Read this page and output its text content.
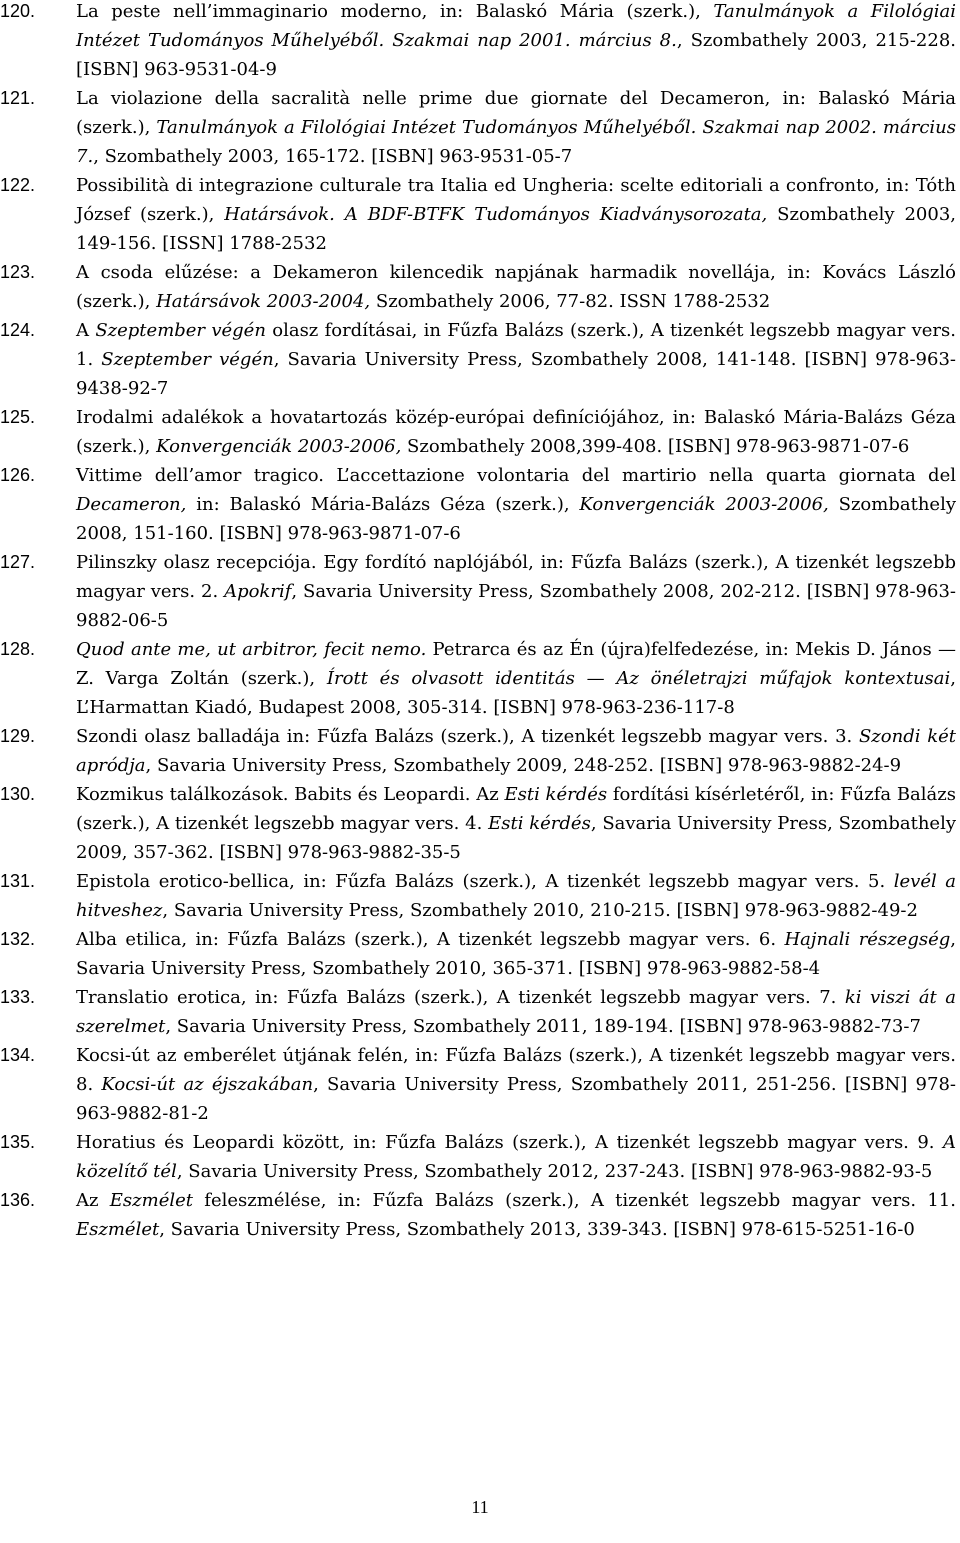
120.	La peste nell’immaginario moderno, in: Balaskó Mária (szerk.), Tanulmányok a Filológiai Intézet Tudományos Műhelyéből. Szakmai nap 2001. március 8., Szombathely 2003, 215-228. [ISBN] 963-9531-04-9
121.	La violazione della sacralità nelle prime due giornate del Decameron, in: Balaskó Mária (szerk.), Tanulmányok a Filológiai Intézet Tudományos Műhelyéből. Szakmai nap 2002. március 7., Szombathely 2003, 165-172. [ISBN] 963-9531-05-7
122.	Possibilità di integrazione culturale tra Italia ed Ungheria: scelte editoriali a confronto, in: Tóth József (szerk.), Határsávok. A BDF-BTFK Tudományos Kiadványsorozata, Szombathely 2003, 149-156. [ISSN] 1788-2532
123.	A csoda elűzése: a Dekameron kilencedik napjának harmadik novellája, in: Kovács László (szerk.), Határsávok 2003-2004, Szombathely 2006, 77-82. ISSN 1788-2532
124.	A Szeptember végén olasz fordításai, in Fűzfa Balázs (szerk.), A tizenkét legszebb magyar vers. 1. Szeptember végén, Savaria University Press, Szombathely 2008, 141-148. [ISBN] 978-963-9438-92-7
125.	Irodalmi adalékok a hovatartozás közép-európai definíciójához, in: Balaskó Mária-Balázs Géza (szerk.), Konvergenciák 2003-2006, Szombathely 2008,399-408. [ISBN] 978-963-9871-07-6
126.	Vittime dell’amor tragico. L’accettazione volontaria del martirio nella quarta giornata del Decameron, in: Balaskó Mária-Balázs Géza (szerk.), Konvergenciák 2003-2006, Szombathely 2008, 151-160. [ISBN] 978-963-9871-07-6
127.	Pilinszky olasz recepciója. Egy fordító naplójából, in: Fűzfa Balázs (szerk.), A tizenkét legszebb magyar vers. 2. Apokrif, Savaria University Press, Szombathely 2008, 202-212. [ISBN] 978-963-9882-06-5
128.	Quod ante me, ut arbitror, fecit nemo. Petrarca és az Én (újra)felfedezése, in: Mekis D. János — Z. Varga Zoltán (szerk.), Írott és olvasott identitás — Az önéletrajzi műfajok kontextusai, L’Harmattan Kiadó, Budapest 2008, 305-314. [ISBN] 978-963-236-117-8
129.	Szondi olasz balladája in: Fűzfa Balázs (szerk.), A tizenkét legszebb magyar vers. 3. Szondi két apródja, Savaria University Press, Szombathely 2009, 248-252. [ISBN] 978-963-9882-24-9
130.	Kozmikus találkozások. Babits és Leopardi. Az Esti kérdés fordítási kísérletéről, in: Fűzfa Balázs (szerk.), A tizenkét legszebb magyar vers. 4. Esti kérdés, Savaria University Press, Szombathely 2009, 357-362. [ISBN] 978-963-9882-35-5
131.	Epistola erotico-bellica, in: Fűzfa Balázs (szerk.), A tizenkét legszebb magyar vers. 5. levél a hitveshez, Savaria University Press, Szombathely 2010, 210-215. [ISBN] 978-963-9882-49-2
132.	Alba etilica, in: Fűzfa Balázs (szerk.), A tizenkét legszebb magyar vers. 6. Hajnali részegség, Savaria University Press, Szombathely 2010, 365-371. [ISBN] 978-963-9882-58-4
133.	Translatio erotica, in: Fűzfa Balázs (szerk.), A tizenkét legszebb magyar vers. 7. ki viszi át a szerelmet, Savaria University Press, Szombathely 2011, 189-194. [ISBN] 978-963-9882-73-7
134.	Kocsi-út az emberélet útjának felén, in: Fűzfa Balázs (szerk.), A tizenkét legszebb magyar vers. 8. Kocsi-út az éjszakában, Savaria University Press, Szombathely 2011, 251-256. [ISBN] 978-963-9882-81-2
135.	Horatius és Leopardi között, in: Fűzfa Balázs (szerk.), A tizenkét legszebb magyar vers. 9. A közelítő tél, Savaria University Press, Szombathely 2012, 237-243. [ISBN] 978-963-9882-93-5
136.	Az Eszmélet feleszmélése, in: Fűzfa Balázs (szerk.), A tizenkét legszebb magyar vers. 11. Eszmélet, Savaria University Press, Szombathely 2013, 339-343. [ISBN] 978-615-5251-16-0
11
